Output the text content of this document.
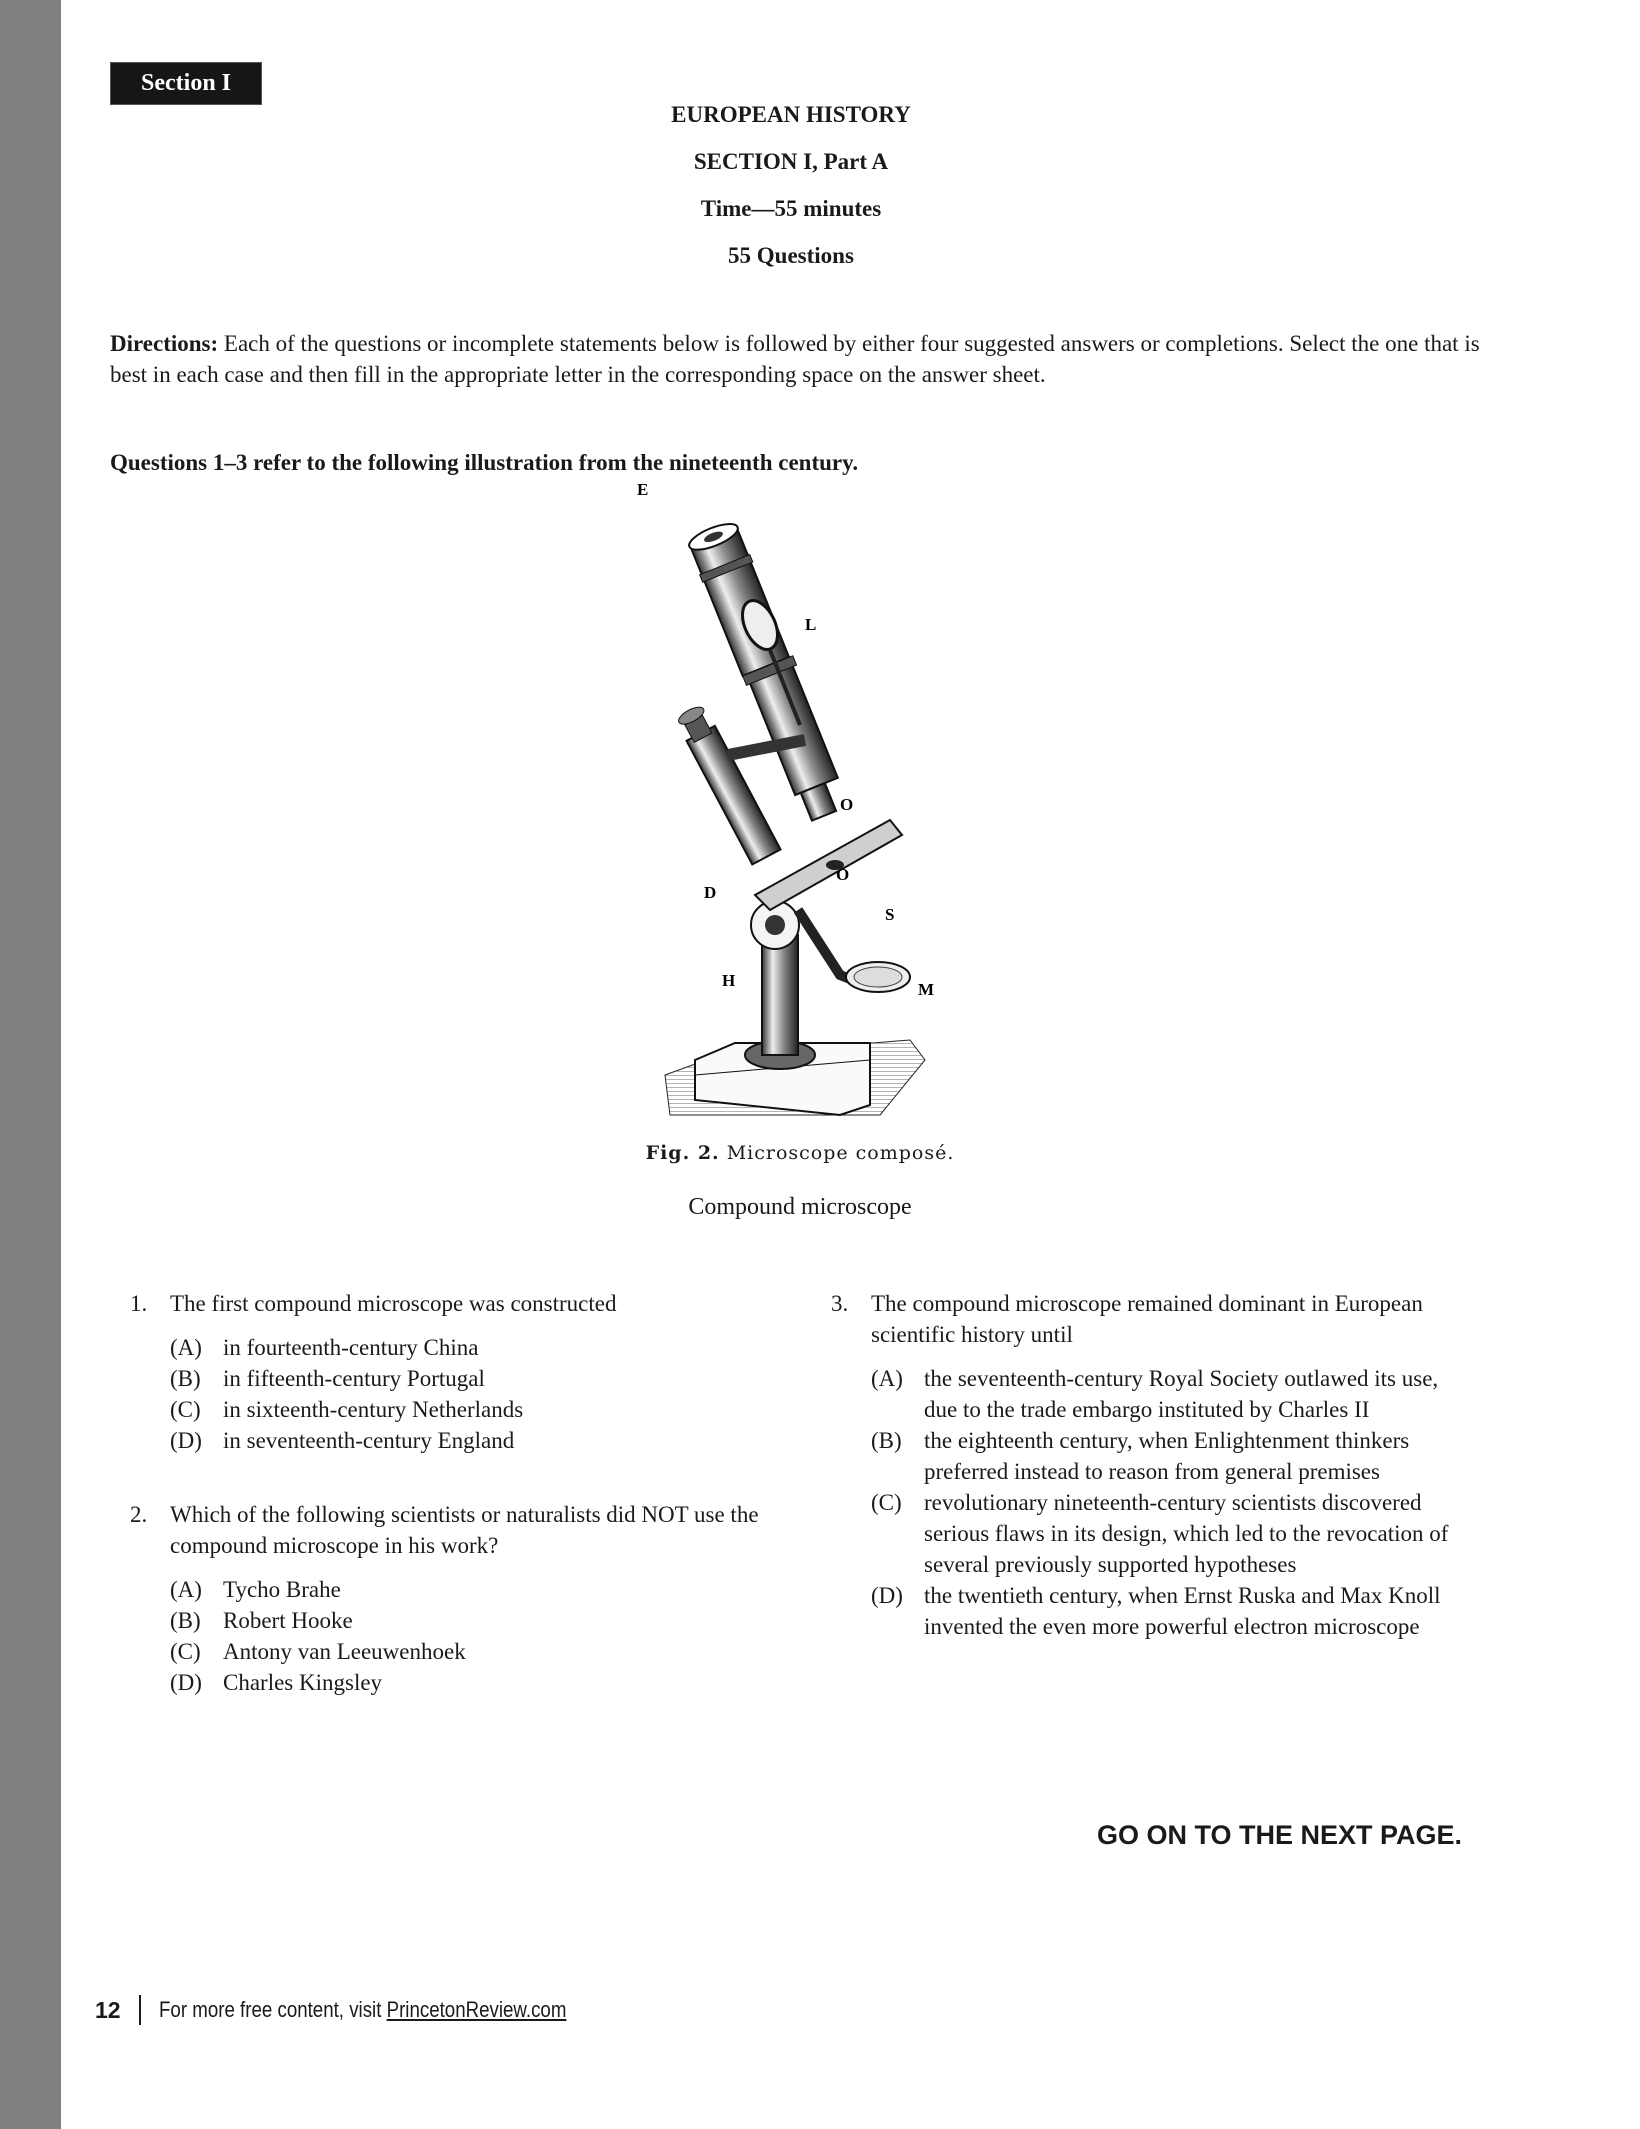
Section I
EUROPEAN HISTORY
SECTION I, Part A
Time—55 minutes
55 Questions
Directions: Each of the questions or incomplete statements below is followed by either four suggested answers or completions. Select the one that is best in each case and then fill in the appropriate letter in the corresponding space on the answer sheet.
Questions 1–3 refer to the following illustration from the nineteenth century.
E
L
O
O
D
S
H	M
Fig. 2. Microscope composé.
Compound microscope
1. The first compound microscope was constructed
(A) in fourteenth-century China
(B) in fifteenth-century Portugal
(C) in sixteenth-century Netherlands
(D) in seventeenth-century England
2. Which of the following scientists or naturalists did NOT use the compound microscope in his work?
(A) Tycho Brahe
(B) Robert Hooke
(C) Antony van Leeuwenhoek
(D) Charles Kingsley
3. The compound microscope remained dominant in European scientific history until
(A) the seventeenth-century Royal Society outlawed its use, due to the trade embargo instituted by Charles II
(B) the eighteenth century, when Enlightenment thinkers preferred instead to reason from general premises
(C) revolutionary nineteenth-century scientists discovered serious flaws in its design, which led to the revocation of several previously supported hypotheses
(D) the twentieth century, when Ernst Ruska and Max Knoll invented the even more powerful electron microscope
GO ON TO THE NEXT PAGE.
12 For more free content, visit PrincetonReview.com
